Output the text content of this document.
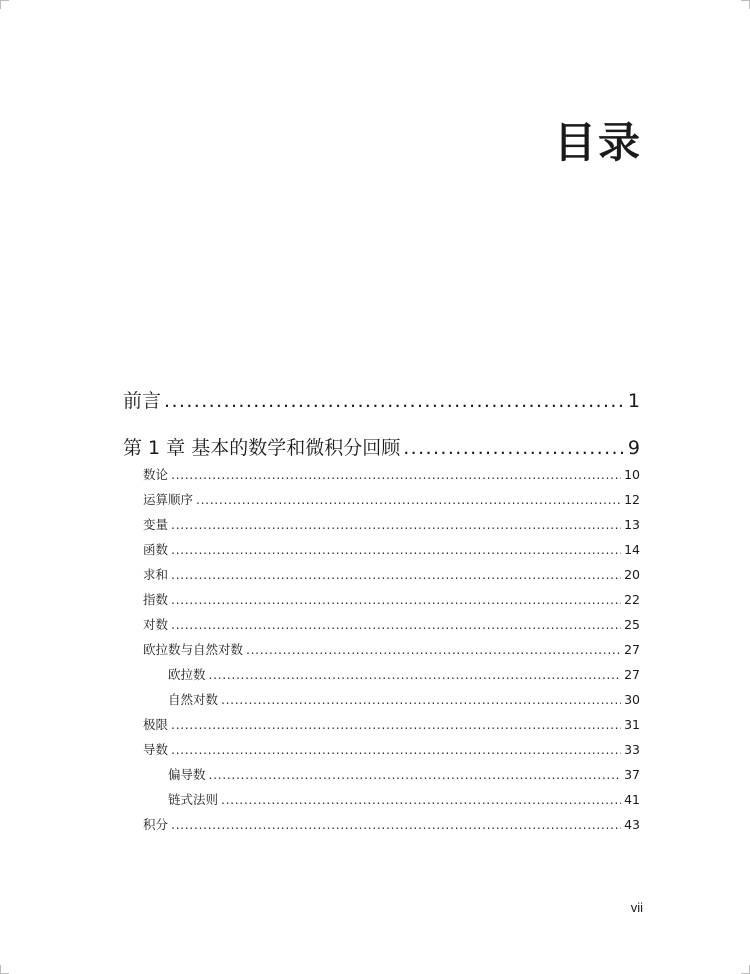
目录
前言 .....	1
第 1 章 基本的数学和微积分回顾 .....	9
数论 .....	10
运算顺序 .....	12
变量 .....	13
函数 .....	14
求和 .....	20
指数 .....	22
对数 .....	25
欧拉数与自然对数 .....	27
欧拉数 .....	27
自然对数 .....	30
极限 .....	31
导数 .....	33
偏导数 .....	37
链式法则 .....	41
积分 .....	43
vii
